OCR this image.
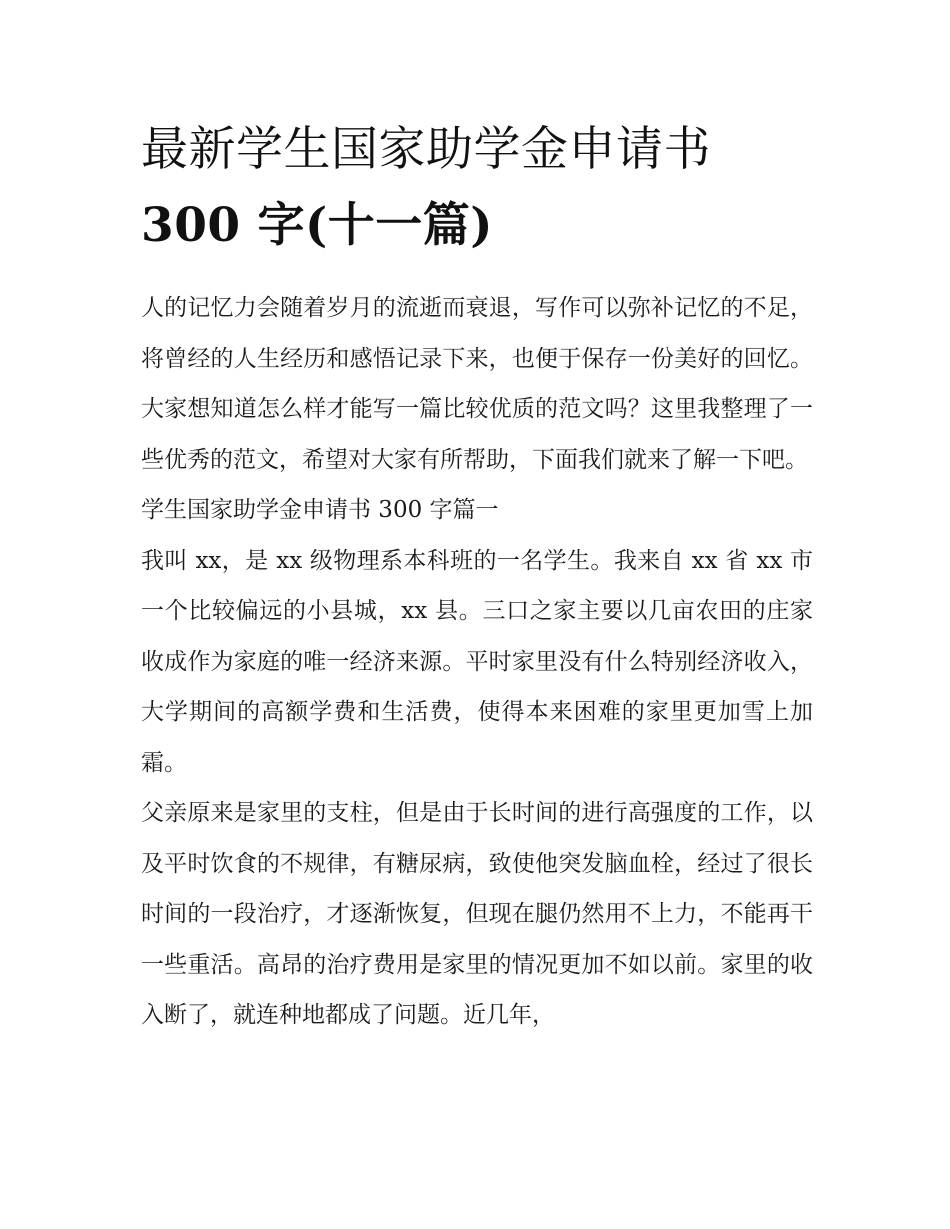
最新学生国家助学金申请书
300 字(十一篇)

人的记忆力会随着岁月的流逝而衰退，写作可以弥补记忆的不足，将曾经的人生经历和感悟记录下来，也便于保存一份美好的回忆。大家想知道怎么样才能写一篇比较优质的范文吗？这里我整理了一些优秀的范文，希望对大家有所帮助，下面我们就来了解一下吧。

学生国家助学金申请书 300 字篇一

我叫 xx，是 xx 级物理系本科班的一名学生。我来自 xx 省 xx 市一个比较偏远的小县城，xx 县。三口之家主要以几亩农田的庄家收成作为家庭的唯一经济来源。平时家里没有什么特别经济收入，大学期间的高额学费和生活费，使得本来困难的家里更加雪上加霜。

父亲原来是家里的支柱，但是由于长时间的进行高强度的工作，以及平时饮食的不规律，有糖尿病，致使他突发脑血栓，经过了很长时间的一段治疗，才逐渐恢复，但现在腿仍然用不上力，不能再干一些重活。高昂的治疗费用是家里的情况更加不如以前。家里的收入断了，就连种地都成了问题。近几年，
